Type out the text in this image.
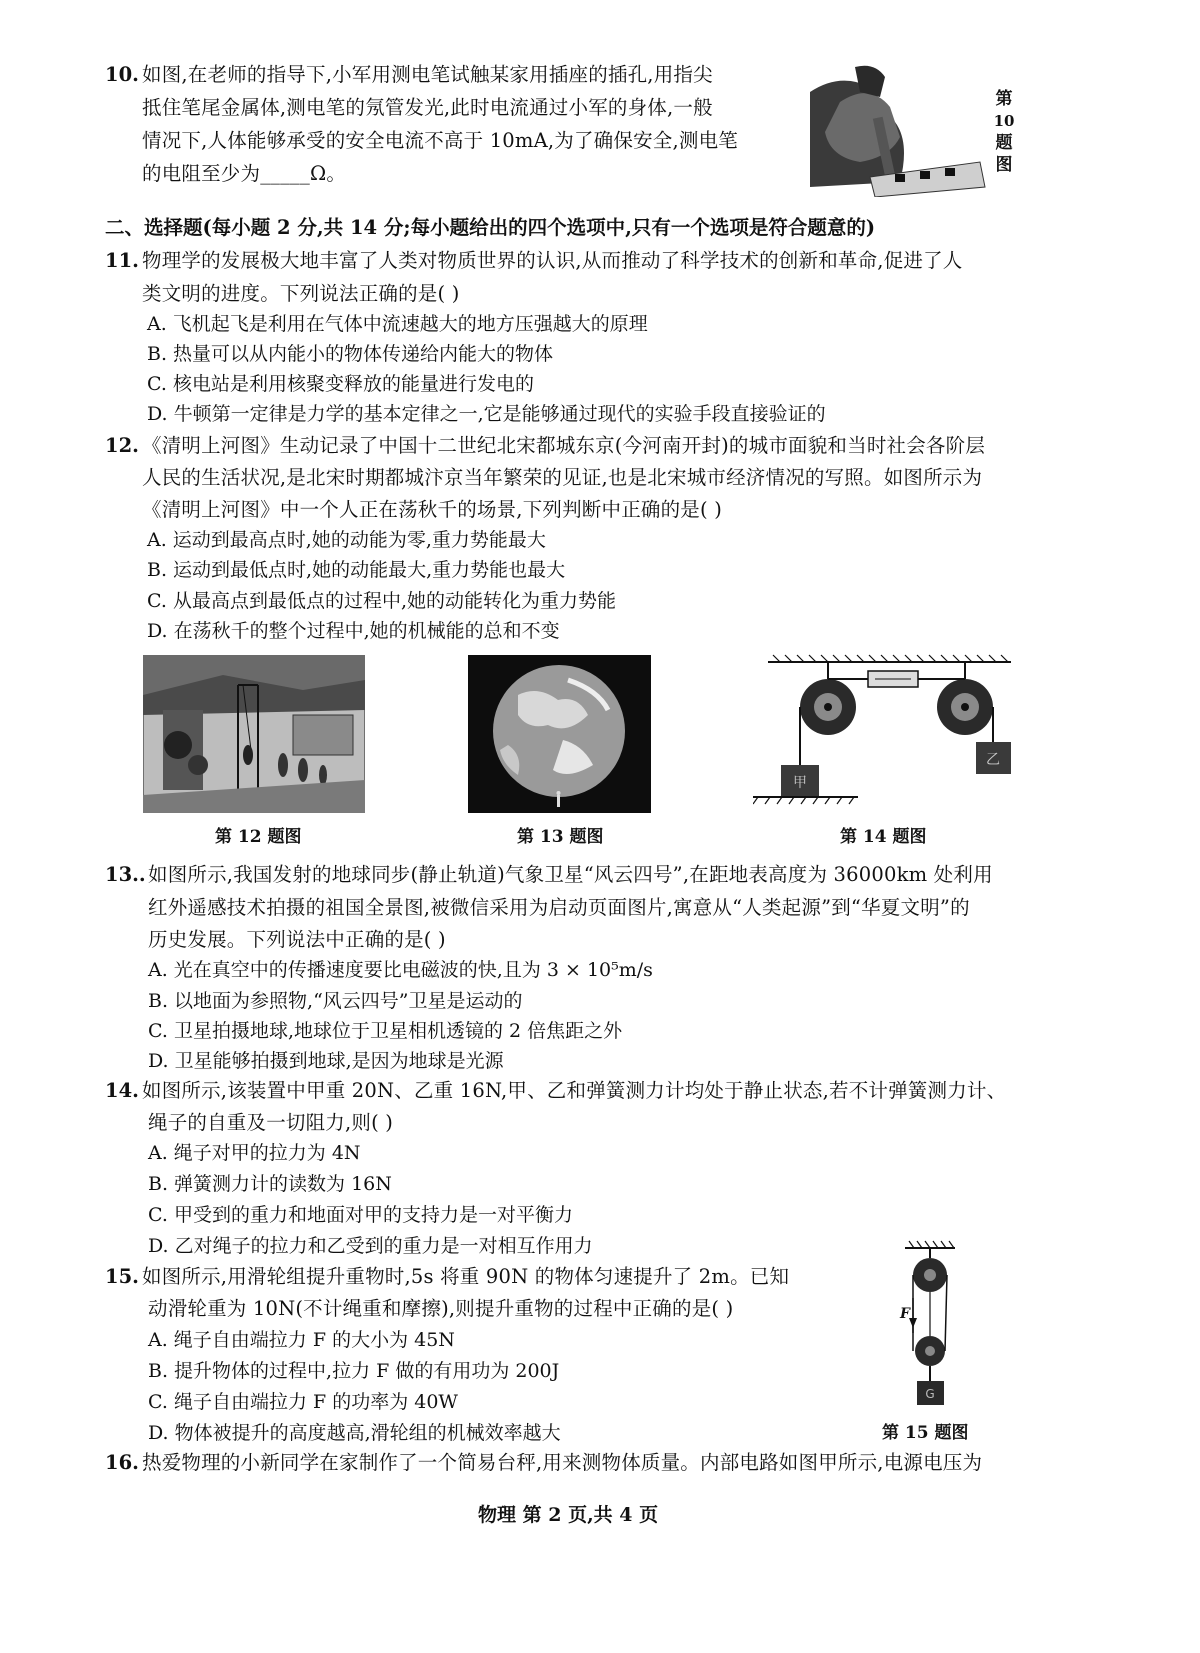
10. 如图,在老师的指导下,小军用测电笔试触某家用插座的插孔,用指尖
抵住笔尾金属体,测电笔的氖管发光,此时电流通过小军的身体,一般
情况下,人体能够承受的安全电流不高于 10mA,为了确保安全,测电笔
的电阻至少为_____Ω。
第
10
题
图
二、选择题(每小题 2 分,共 14 分;每小题给出的四个选项中,只有一个选项是符合题意的)
11. 物理学的发展极大地丰富了人类对物质世界的认识,从而推动了科学技术的创新和革命,促进了人
类文明的进度。下列说法正确的是( )
A. 飞机起飞是利用在气体中流速越大的地方压强越大的原理
B. 热量可以从内能小的物体传递给内能大的物体
C. 核电站是利用核聚变释放的能量进行发电的
D. 牛顿第一定律是力学的基本定律之一,它是能够通过现代的实验手段直接验证的
12. 《清明上河图》生动记录了中国十二世纪北宋都城东京(今河南开封)的城市面貌和当时社会各阶层
人民的生活状况,是北宋时期都城汴京当年繁荣的见证,也是北宋城市经济情况的写照。如图所示为
《清明上河图》中一个人正在荡秋千的场景,下列判断中正确的是( )
A. 运动到最高点时,她的动能为零,重力势能最大
B. 运动到最低点时,她的动能最大,重力势能也最大
C. 从最高点到最低点的过程中,她的动能转化为重力势能
D. 在荡秋千的整个过程中,她的机械能的总和不变
第 12 题图	第 13 题图
甲
乙
第 14 题图
13.. 如图所示,我国发射的地球同步(静止轨道)气象卫星“风云四号”,在距地表高度为 36000km 处利用
红外遥感技术拍摄的祖国全景图,被微信采用为启动页面图片,寓意从“人类起源”到“华夏文明”的
历史发展。下列说法中正确的是( )
A. 光在真空中的传播速度要比电磁波的快,且为 3 × 10⁵m/s
B. 以地面为参照物,“风云四号”卫星是运动的
C. 卫星拍摄地球,地球位于卫星相机透镜的 2 倍焦距之外
D. 卫星能够拍摄到地球,是因为地球是光源
14. 如图所示,该装置中甲重 20N、乙重 16N,甲、乙和弹簧测力计均处于静止状态,若不计弹簧测力计、
绳子的自重及一切阻力,则( )
A. 绳子对甲的拉力为 4N
B. 弹簧测力计的读数为 16N
C. 甲受到的重力和地面对甲的支持力是一对平衡力
D. 乙对绳子的拉力和乙受到的重力是一对相互作用力
15. 如图所示,用滑轮组提升重物时,5s 将重 90N 的物体匀速提升了 2m。已知
动滑轮重为 10N(不计绳重和摩擦),则提升重物的过程中正确的是( )
A. 绳子自由端拉力 F 的大小为 45N
B. 提升物体的过程中,拉力 F 做的有用功为 200J
C. 绳子自由端拉力 F 的功率为 40W
D. 物体被提升的高度越高,滑轮组的机械效率越大
F
G
第 15 题图
16. 热爱物理的小新同学在家制作了一个简易台秤,用来测物体质量。内部电路如图甲所示,电源电压为
物理 第 2 页,共 4 页
